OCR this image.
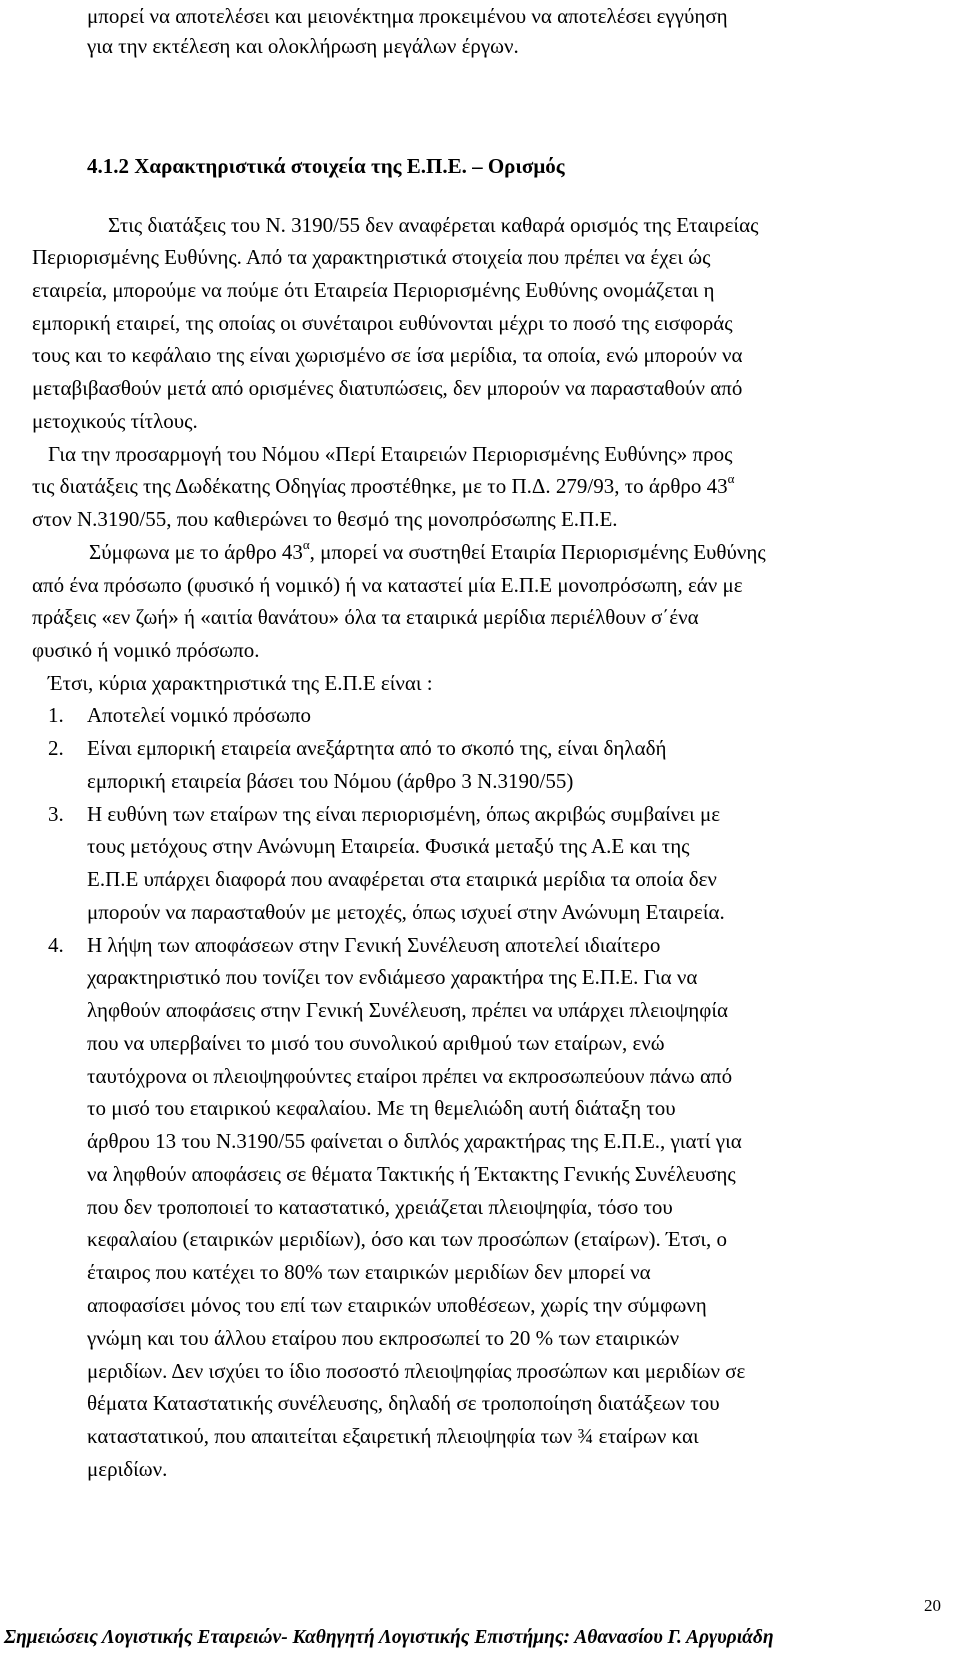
μπορεί να αποτελέσει και μειονέκτημα προκειμένου να αποτελέσει εγγύηση
για την εκτέλεση και ολοκλήρωση μεγάλων έργων.
4.1.2 Χαρακτηριστικά στοιχεία της Ε.Π.Ε. – Ορισμός
Στις διατάξεις του Ν. 3190/55 δεν αναφέρεται καθαρά ορισμός της Εταιρείας
Περιορισμένης Ευθύνης. Από τα χαρακτηριστικά στοιχεία που πρέπει να έχει ώς
εταιρεία, μπορούμε να πούμε ότι Εταιρεία Περιορισμένης Ευθύνης ονομάζεται η
εμπορική εταιρεί, της οποίας οι συνέταιροι ευθύνονται μέχρι το ποσό της εισφοράς
τους και το κεφάλαιο της είναι χωρισμένο σε ίσα μερίδια, τα οποία, ενώ μπορούν να
μεταβιβασθούν μετά από ορισμένες διατυπώσεις, δεν μπορούν να παρασταθούν από
μετοχικούς τίτλους.
Για την προσαρμογή του Νόμου «Περί Εταιρειών Περιορισμένης Ευθύνης» προς
τις διατάξεις της Δωδέκατης Οδηγίας προστέθηκε, με το Π.Δ. 279/93, το άρθρο $43^\alpha$
στον Ν.3190/55, που καθιερώνει το θεσμό της μονοπρόσωπης Ε.Π.Ε.
Σύμφωνα με το άρθρο $43^\alpha$, μπορεί να συστηθεί Εταιρία Περιορισμένης Ευθύνης
από ένα πρόσωπο (φυσικό ή νομικό) ή να καταστεί μία Ε.Π.Ε μονοπρόσωπη, εάν με
πράξεις «εν ζωή» ή «αιτία θανάτου» όλα τα εταιρικά μερίδια περιέλθουν σ΄ένα
φυσικό ή νομικό πρόσωπο.
Έτσι, κύρια χαρακτηριστικά της Ε.Π.Ε είναι :
1. Αποτελεί νομικό πρόσωπο
2. Είναι εμπορική εταιρεία ανεξάρτητα από το σκοπό της, είναι δηλαδή
εμπορική εταιρεία βάσει του Νόμου (άρθρο 3 Ν.3190/55)
3. Η ευθύνη των εταίρων της είναι περιορισμένη, όπως ακριβώς συμβαίνει με
τους μετόχους στην Ανώνυμη Εταιρεία. Φυσικά μεταξύ της Α.Ε και της
Ε.Π.Ε υπάρχει διαφορά που αναφέρεται στα εταιρικά μερίδια τα οποία δεν
μπορούν να παρασταθούν με μετοχές, όπως ισχυεί στην Ανώνυμη Εταιρεία.
4. Η λήψη των αποφάσεων στην Γενική Συνέλευση αποτελεί ιδιαίτερο
χαρακτηριστικό που τονίζει τον ενδιάμεσο χαρακτήρα της Ε.Π.Ε. Για να
ληφθούν αποφάσεις στην Γενική Συνέλευση, πρέπει να υπάρχει πλειοψηφία
που να υπερβαίνει το μισό του συνολικού αριθμού των εταίρων, ενώ
ταυτόχρονα οι πλειοψηφούντες εταίροι πρέπει να εκπροσωπεύουν πάνω από
το μισό του εταιρικού κεφαλαίου. Με τη θεμελιώδη αυτή διάταξη του
άρθρου 13 του Ν.3190/55 φαίνεται ο διπλός χαρακτήρας της Ε.Π.Ε., γιατί για
να ληφθούν αποφάσεις σε θέματα Τακτικής ή Έκτακτης Γενικής Συνέλευσης
που δεν τροποποιεί το καταστατικό, χρειάζεται πλειοψηφία, τόσο του
κεφαλαίου (εταιρικών μεριδίων), όσο και των προσώπων (εταίρων). Έτσι, ο
έταιρος που κατέχει το 80% των εταιρικών μεριδίων δεν μπορεί να
αποφασίσει μόνος του επί των εταιρικών υποθέσεων, χωρίς την σύμφωνη
γνώμη και του άλλου εταίρου που εκπροσωπεί το 20 % των εταιρικών
μεριδίων. Δεν ισχύει το ίδιο ποσοστό πλειοψηφίας προσώπων και μεριδίων σε
θέματα Καταστατικής συνέλευσης, δηλαδή σε τροποποίηση διατάξεων του
καταστατικού, που απαιτείται εξαιρετική πλειοψηφία των ¾ εταίρων και
μεριδίων.
20
Σημειώσεις Λογιστικής Εταιρειών- Καθηγητή Λογιστικής Επιστήμης: Αθανασίου Γ. Αργυριάδη
